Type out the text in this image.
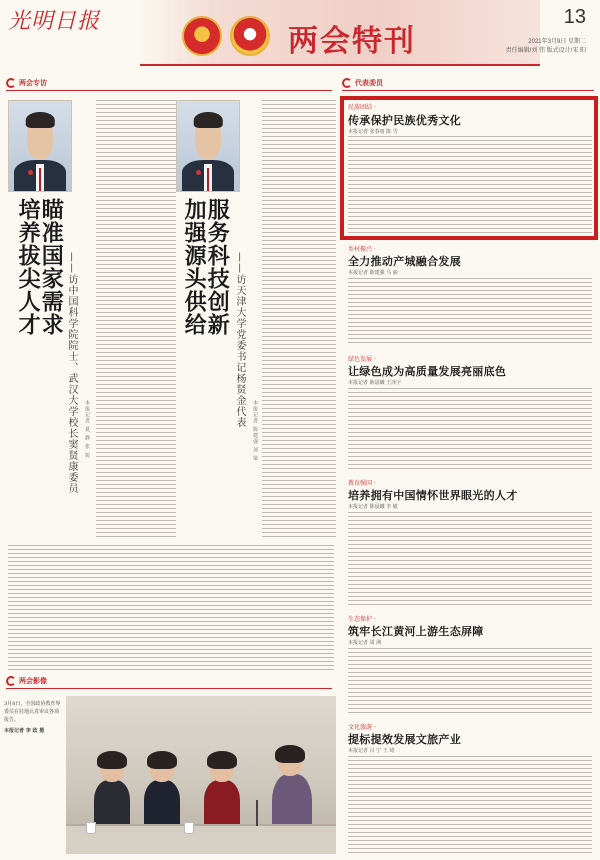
光明日报
两会特刊
13
2021年3月9日 星期二
责任编辑/刘 伟 版式设计/宋 阳
两会专访	代表委员
瞄准国家需求
培养拔尖人才	——访中国科学院院士、武汉大学校长窦贤康委员	本报记者 夏 静 张 锐
服务科技创新
加强源头供给	——访天津大学党委书记杨贤金代表
本报记者 陈建强 刘 梁
两会影像
3月8日，全国政协教育界委员在驻地认真审议各项报告。
本报记者 李 政 摄
民族团结 ·
传承保护民族优秀文化
本报记者 张春雨 陈 雪
乡村振兴 ·
全力推动产城融合发展
本报记者 陈建强 马 丽
绿色发展 ·
让绿色成为高质量发展亮丽底色
本报记者 陈晨曦 王泽宇
教育强国 ·
培养拥有中国情怀世界眼光的人才
本报记者 陈晨曦 李 敏
生态保护 ·
筑牢长江黄河上游生态屏障
本报记者 周 洲
文化旅游 ·
提标提效发展文旅产业
本报记者 吕 宁 王 琦
